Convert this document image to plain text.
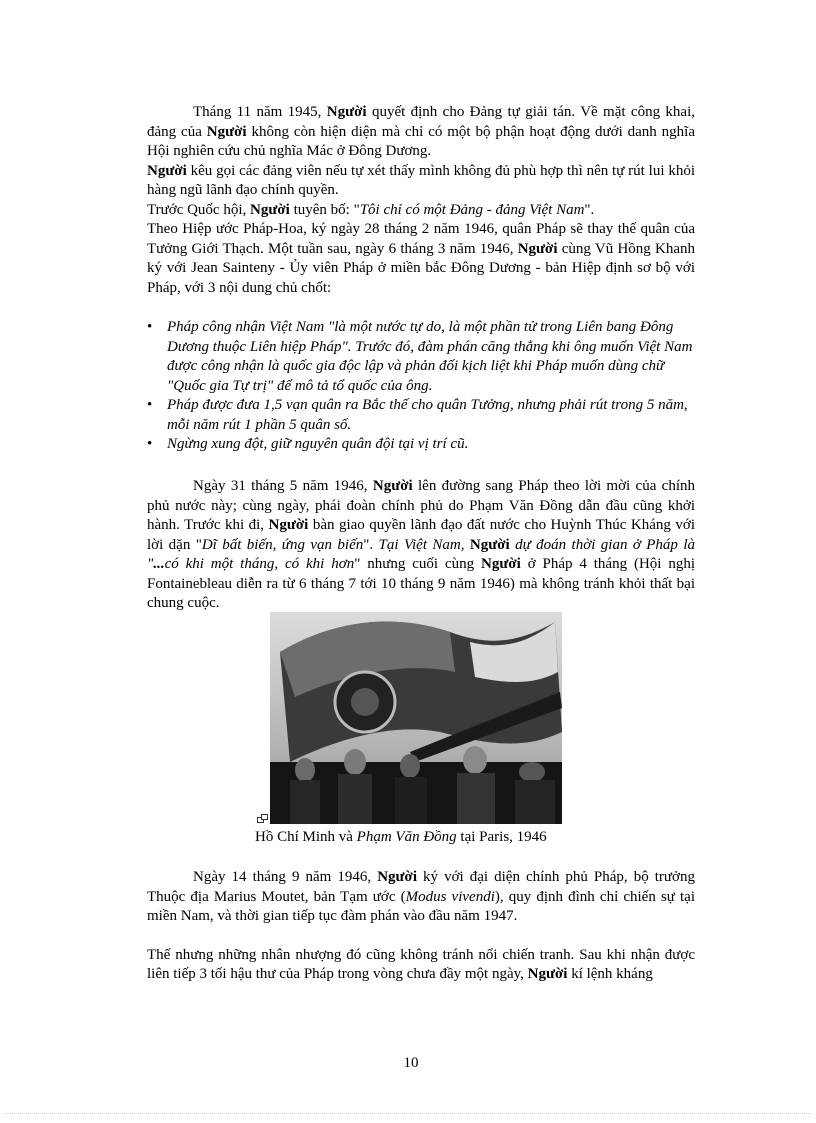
Tháng 11 năm 1945, Người quyết định cho Đảng tự giải tán. Về mặt công khai, đảng của Người không còn hiện diện mà chỉ có một bộ phận hoạt động dưới danh nghĩa Hội nghiên cứu chủ nghĩa Mác ở Đông Dương.

Người kêu gọi các đảng viên nếu tự xét thấy mình không đủ phù hợp thì nên tự rút lui khỏi hàng ngũ lãnh đạo chính quyền.

Trước Quốc hội, Người tuyên bố: "Tôi chỉ có một Đảng - đảng Việt Nam".

Theo Hiệp ước Pháp-Hoa, ký ngày 28 tháng 2 năm 1946, quân Pháp sẽ thay thế quân của Tưởng Giới Thạch. Một tuần sau, ngày 6 tháng 3 năm 1946, Người cùng Vũ Hồng Khanh ký với Jean Sainteny - Ủy viên Pháp ở miền bắc Đông Dương - bản Hiệp định sơ bộ với Pháp, với 3 nội dung chủ chốt:

• Pháp công nhận Việt Nam "là một nước tự do, là một phần tử trong Liên bang Đông Dương thuộc Liên hiệp Pháp". Trước đó, đàm phán căng thẳng khi ông muốn Việt Nam được công nhận là quốc gia độc lập và phản đối kịch liệt khi Pháp muốn dùng chữ "Quốc gia Tự trị" để mô tả tổ quốc của ông.
• Pháp được đưa 1,5 vạn quân ra Bắc thế cho quân Tưởng, nhưng phải rút trong 5 năm, mỗi năm rút 1 phần 5 quân số.
• Ngừng xung đột, giữ nguyên quân đội tại vị trí cũ.

Ngày 31 tháng 5 năm 1946, Người lên đường sang Pháp theo lời mời của chính phủ nước này; cùng ngày, phái đoàn chính phủ do Phạm Văn Đồng dẫn đầu cũng khởi hành. Trước khi đi, Người bàn giao quyền lãnh đạo đất nước cho Huỳnh Thúc Kháng với lời dặn "Dĩ bất biến, ứng vạn biến". Tại Việt Nam, Người dự đoán thời gian ở Pháp là "...có khi một tháng, có khi hơn" nhưng cuối cùng Người ở Pháp 4 tháng (Hội nghị Fontainebleau diễn ra từ 6 tháng 7 tới 10 tháng 9 năm 1946) mà không tránh khỏi thất bại chung cuộc.

Hồ Chí Minh và Phạm Văn Đồng tại Paris, 1946

Ngày 14 tháng 9 năm 1946, Người ký với đại diện chính phủ Pháp, bộ trưởng Thuộc địa Marius Moutet, bản Tạm ước (Modus vivendi), quy định đình chỉ chiến sự tại miền Nam, và thời gian tiếp tục đàm phán vào đầu năm 1947.

Thế nhưng những nhân nhượng đó cũng không tránh nổi chiến tranh. Sau khi nhận được liên tiếp 3 tối hậu thư của Pháp trong vòng chưa đầy một ngày, Người kí lệnh kháng

10
